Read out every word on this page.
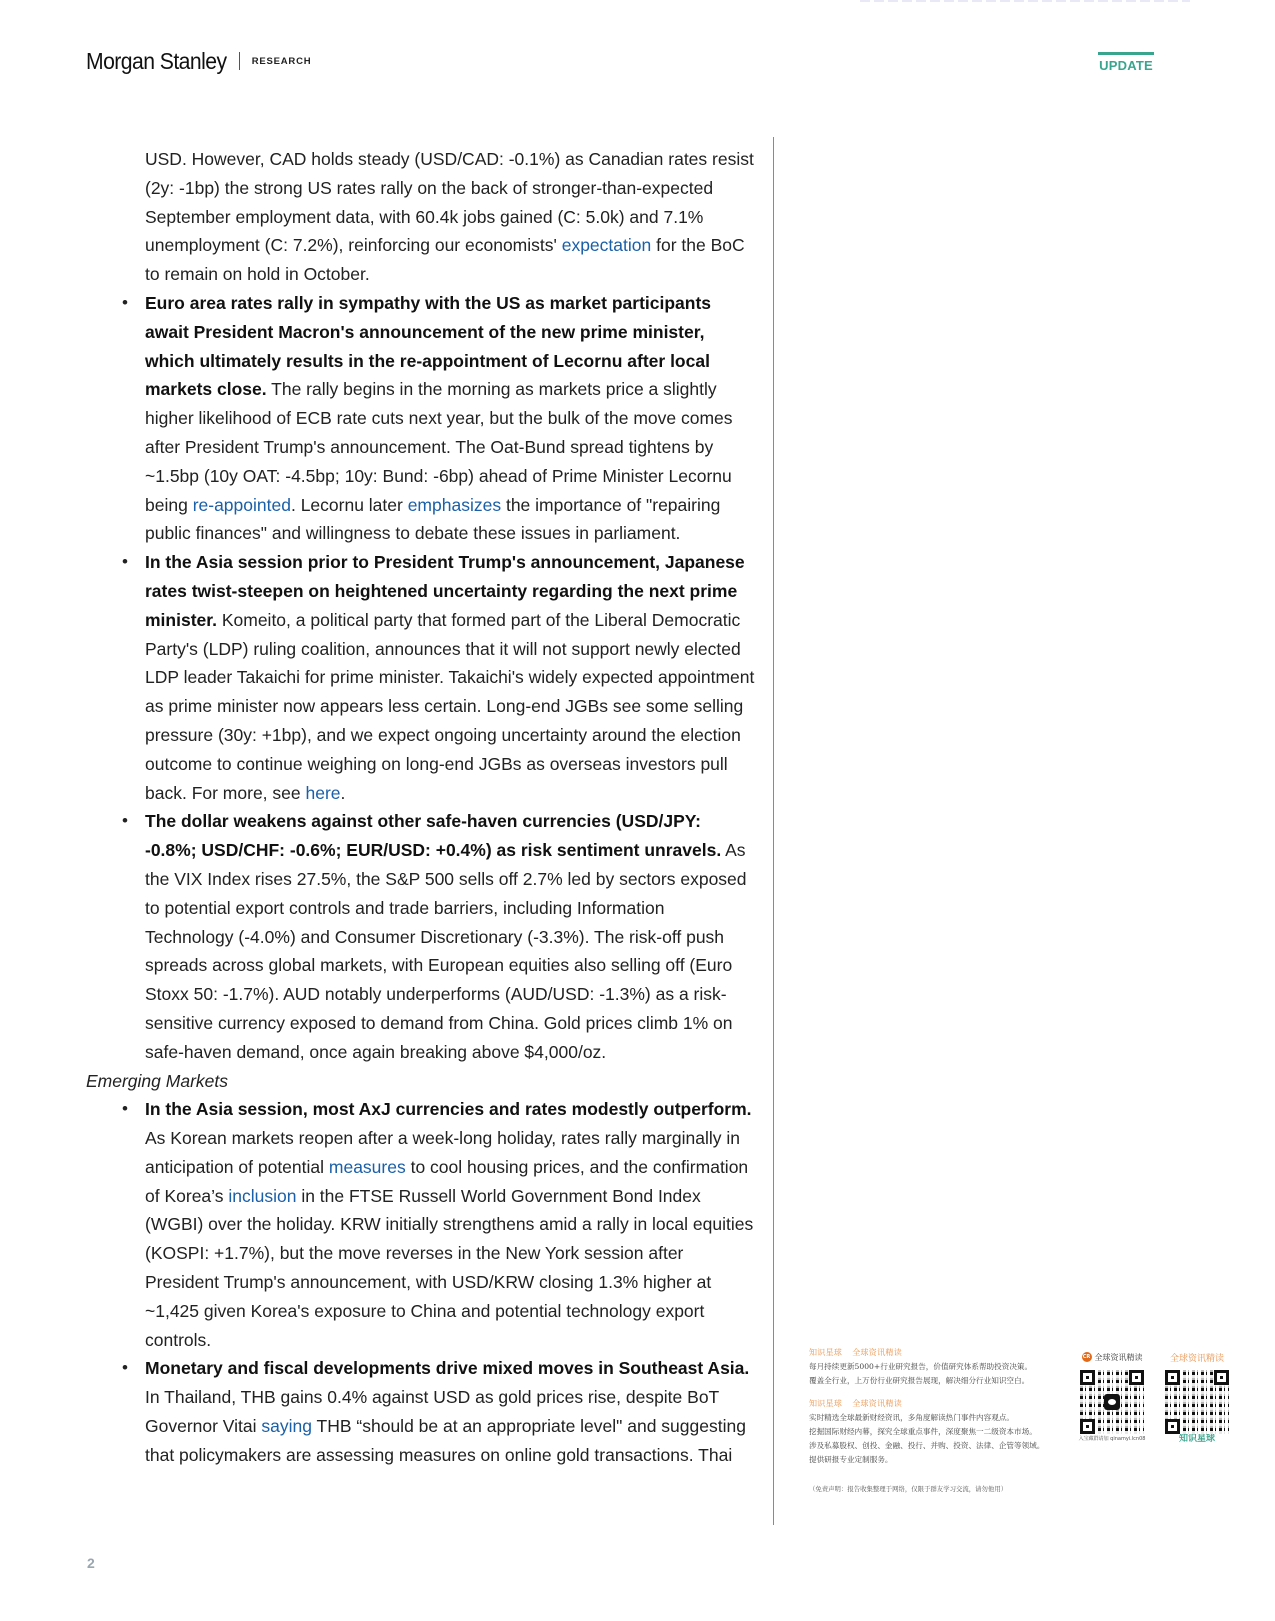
Morgan Stanley	RESEARCH	UPDATE

USD. However, CAD holds steady (USD/CAD: -0.1%) as Canadian rates resist (2y: -1bp) the strong US rates rally on the back of stronger-than-expected September employment data, with 60.4k jobs gained (C: 5.0k) and 7.1% unemployment (C: 7.2%), reinforcing our economists' expectation for the BoC to remain on hold in October.

• Euro area rates rally in sympathy with the US as market participants await President Macron's announcement of the new prime minister, which ultimately results in the re-appointment of Lecornu after local markets close. The rally begins in the morning as markets price a slightly higher likelihood of ECB rate cuts next year, but the bulk of the move comes after President Trump's announcement. The Oat-Bund spread tightens by ~1.5bp (10y OAT: -4.5bp; 10y: Bund: -6bp) ahead of Prime Minister Lecornu being re-appointed. Lecornu later emphasizes the importance of "repairing public finances" and willingness to debate these issues in parliament.
• In the Asia session prior to President Trump's announcement, Japanese rates twist-steepen on heightened uncertainty regarding the next prime minister. Komeito, a political party that formed part of the Liberal Democratic Party's (LDP) ruling coalition, announces that it will not support newly elected LDP leader Takaichi for prime minister. Takaichi's widely expected appointment as prime minister now appears less certain. Long-end JGBs see some selling pressure (30y: +1bp), and we expect ongoing uncertainty around the election outcome to continue weighing on long-end JGBs as overseas investors pull back. For more, see here.
• The dollar weakens against other safe-haven currencies (USD/JPY: -0.8%; USD/CHF: -0.6%; EUR/USD: +0.4%) as risk sentiment unravels. As the VIX Index rises 27.5%, the S&P 500 sells off 2.7% led by sectors exposed to potential export controls and trade barriers, including Information Technology (-4.0%) and Consumer Discretionary (-3.3%). The risk-off push spreads across global markets, with European equities also selling off (Euro Stoxx 50: -1.7%). AUD notably underperforms (AUD/USD: -1.3%) as a risk-sensitive currency exposed to demand from China. Gold prices climb 1% on safe-haven demand, once again breaking above $4,000/oz.

Emerging Markets

• In the Asia session, most AxJ currencies and rates modestly outperform. As Korean markets reopen after a week-long holiday, rates rally marginally in anticipation of potential measures to cool housing prices, and the confirmation of Korea’s inclusion in the FTSE Russell World Government Bond Index (WGBI) over the holiday. KRW initially strengthens amid a rally in local equities (KOSPI: +1.7%), but the move reverses in the New York session after President Trump's announcement, with USD/KRW closing 1.3% higher at ~1,425 given Korea's exposure to China and potential technology export controls.
• Monetary and fiscal developments drive mixed moves in Southeast Asia. In Thailand, THB gains 0.4% against USD as gold prices rise, despite BoT Governor Vitai saying THB “should be at an appropriate level" and suggesting that policymakers are assessing measures on online gold transactions. Thai
2
知识星球 全球资讯精读
每月持续更新5000+行业研究报告，价值研究体系帮助投资决策。
覆盖全行业，上万份行业研究报告展现，解决细分行业知识空白。
知识星球 全球资讯精读
实时精选全球最新财经资讯，多角度解读热门事件内容观点。
挖掘国际财经内幕，探究全球重点事件，深度聚焦一二级资本市场。
涉及私募股权、创投、金融、投行、并购、投资、法律、企管等领域。
提供研报专业定制服务。
（免责声明：报告收集整理于网络，仅限于群友学习交流，请勿他用）
CR 全球资讯精读
入宝藏群请加 qinamyi.lcn08
全球资讯精读
知识星球
